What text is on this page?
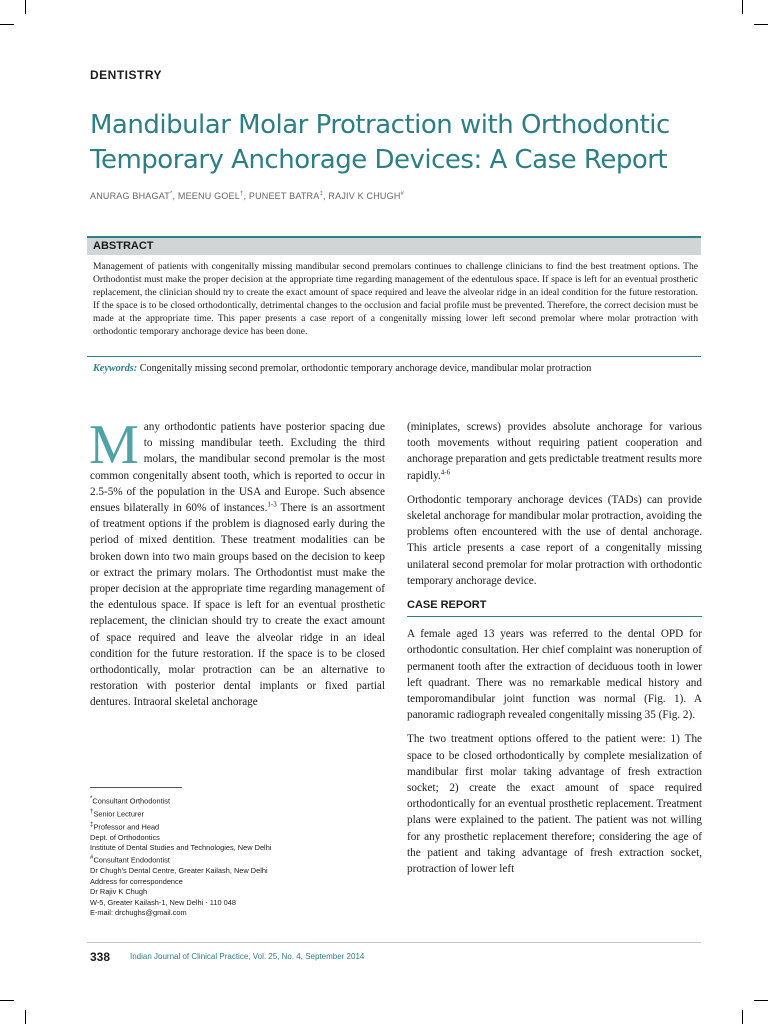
DENTISTRY
Mandibular Molar Protraction with Orthodontic Temporary Anchorage Devices: A Case Report
ANURAG BHAGAT*, MEENU GOEL†, PUNEET BATRA‡, RAJIV K CHUGH#
ABSTRACT

Management of patients with congenitally missing mandibular second premolars continues to challenge clinicians to find the best treatment options. The Orthodontist must make the proper decision at the appropriate time regarding management of the edentulous space. If space is left for an eventual prosthetic replacement, the clinician should try to create the exact amount of space required and leave the alveolar ridge in an ideal condition for the future restoration. If the space is to be closed orthodontically, detrimental changes to the occlusion and facial profile must be prevented. Therefore, the correct decision must be made at the appropriate time. This paper presents a case report of a congenitally missing lower left second premolar where molar protraction with orthodontic temporary anchorage device has been done.

Keywords: Congenitally missing second premolar, orthodontic temporary anchorage device, mandibular molar protraction

Many orthodontic patients have posterior spacing due to missing mandibular teeth. Excluding the third molars, the mandibular second premolar is the most common congenitally absent tooth, which is reported to occur in 2.5-5% of the population in the USA and Europe. Such absence ensues bilaterally in 60% of instances.$^{1-3}$ There is an assortment of treatment options if the problem is diagnosed early during the period of mixed dentition. These treatment modalities can be broken down into two main groups based on the decision to keep or extract the primary molars. The Orthodontist must make the proper decision at the appropriate time regarding management of the edentulous space. If space is left for an eventual prosthetic replacement, the clinician should try to create the exact amount of space required and leave the alveolar ridge in an ideal condition for the future restoration. If the space is to be closed orthodontically, molar protraction can be an alternative to restoration with posterior dental implants or fixed partial dentures. Intraoral skeletal anchorage

(miniplates, screws) provides absolute anchorage for various tooth movements without requiring patient cooperation and anchorage preparation and gets predictable treatment results more rapidly.$^{4-6}$

Orthodontic temporary anchorage devices (TADs) can provide skeletal anchorage for mandibular molar protraction, avoiding the problems often encountered with the use of dental anchorage. This article presents a case report of a congenitally missing unilateral second premolar for molar protraction with orthodontic temporary anchorage device.

CASE REPORT

A female aged 13 years was referred to the dental OPD for orthodontic consultation. Her chief complaint was noneruption of permanent tooth after the extraction of deciduous tooth in lower left quadrant. There was no remarkable medical history and temporomandibular joint function was normal (Fig. 1). A panoramic radiograph revealed congenitally missing 35 (Fig. 2).

The two treatment options offered to the patient were: 1) The space to be closed orthodontically by complete mesialization of mandibular first molar taking advantage of fresh extraction socket; 2) create the exact amount of space required orthodontically for an eventual prosthetic replacement. Treatment plans were explained to the patient. The patient was not willing for any prosthetic replacement therefore; considering the age of the patient and taking advantage of fresh extraction socket, protraction of lower left

*Consultant Orthodontist
†Senior Lecturer
‡Professor and Head
Dept. of Orthodontics
Institute of Dental Studies and Technologies, New Delhi
#Consultant Endodontist
Dr Chugh's Dental Centre, Greater Kailash, New Delhi
Address for correspondence
Dr Rajiv K Chugh
W-5, Greater Kailash-1, New Delhi - 110 048
E-mail: drchughs@gmail.com
338 Indian Journal of Clinical Practice, Vol. 25, No. 4, September 2014
